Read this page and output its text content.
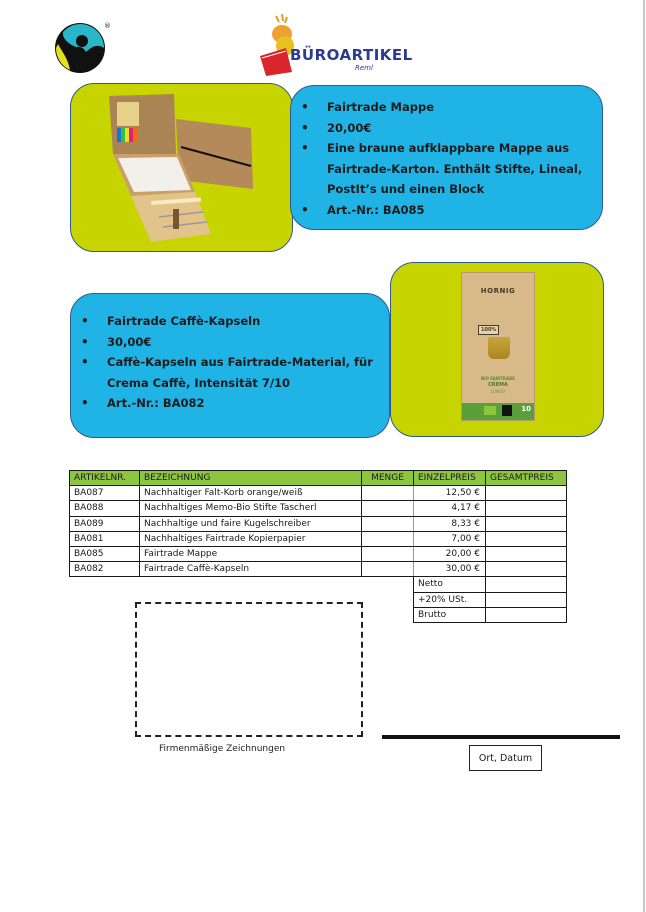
®
BÜROARTIKEL
Reml
• Fairtrade Mappe
• 20,00€
• Eine braune aufklappbare Mappe aus Fairtrade-Karton. Enthält Stifte, Lineal, PostIt’s und einen Block
• Art.-Nr.: BA085
• Fairtrade Caffè-Kapseln
• 30,00€
• Caffè-Kapseln aus Fairtrade-Material, für Crema Caffè, Intensität 7/10
• Art.-Nr.: BA082
HORNIG
100%
BIO FAIRTRADE
CREMA
LUNGO
10
ARTIKELNR.	BEZEICHNUNG	MENGE	EINZELPREIS	GESAMTPREIS
BA087	Nachhaltiger Falt-Korb orange/weiß		12,50 €	
BA088	Nachhaltiges Memo-Bio Stifte Tascherl		4,17 €	
BA089	Nachhaltige und faire Kugelschreiber		8,33 €	
BA081	Nachhaltiges Fairtrade Kopierpapier		7,00 €	
BA085	Fairtrade Mappe		20,00 €	
BA082	Fairtrade Caffè-Kapseln		30,00 €	
			Netto	
			+20% USt.	
			Brutto	
Firmenmäßige Zeichnungen
Ort, Datum
